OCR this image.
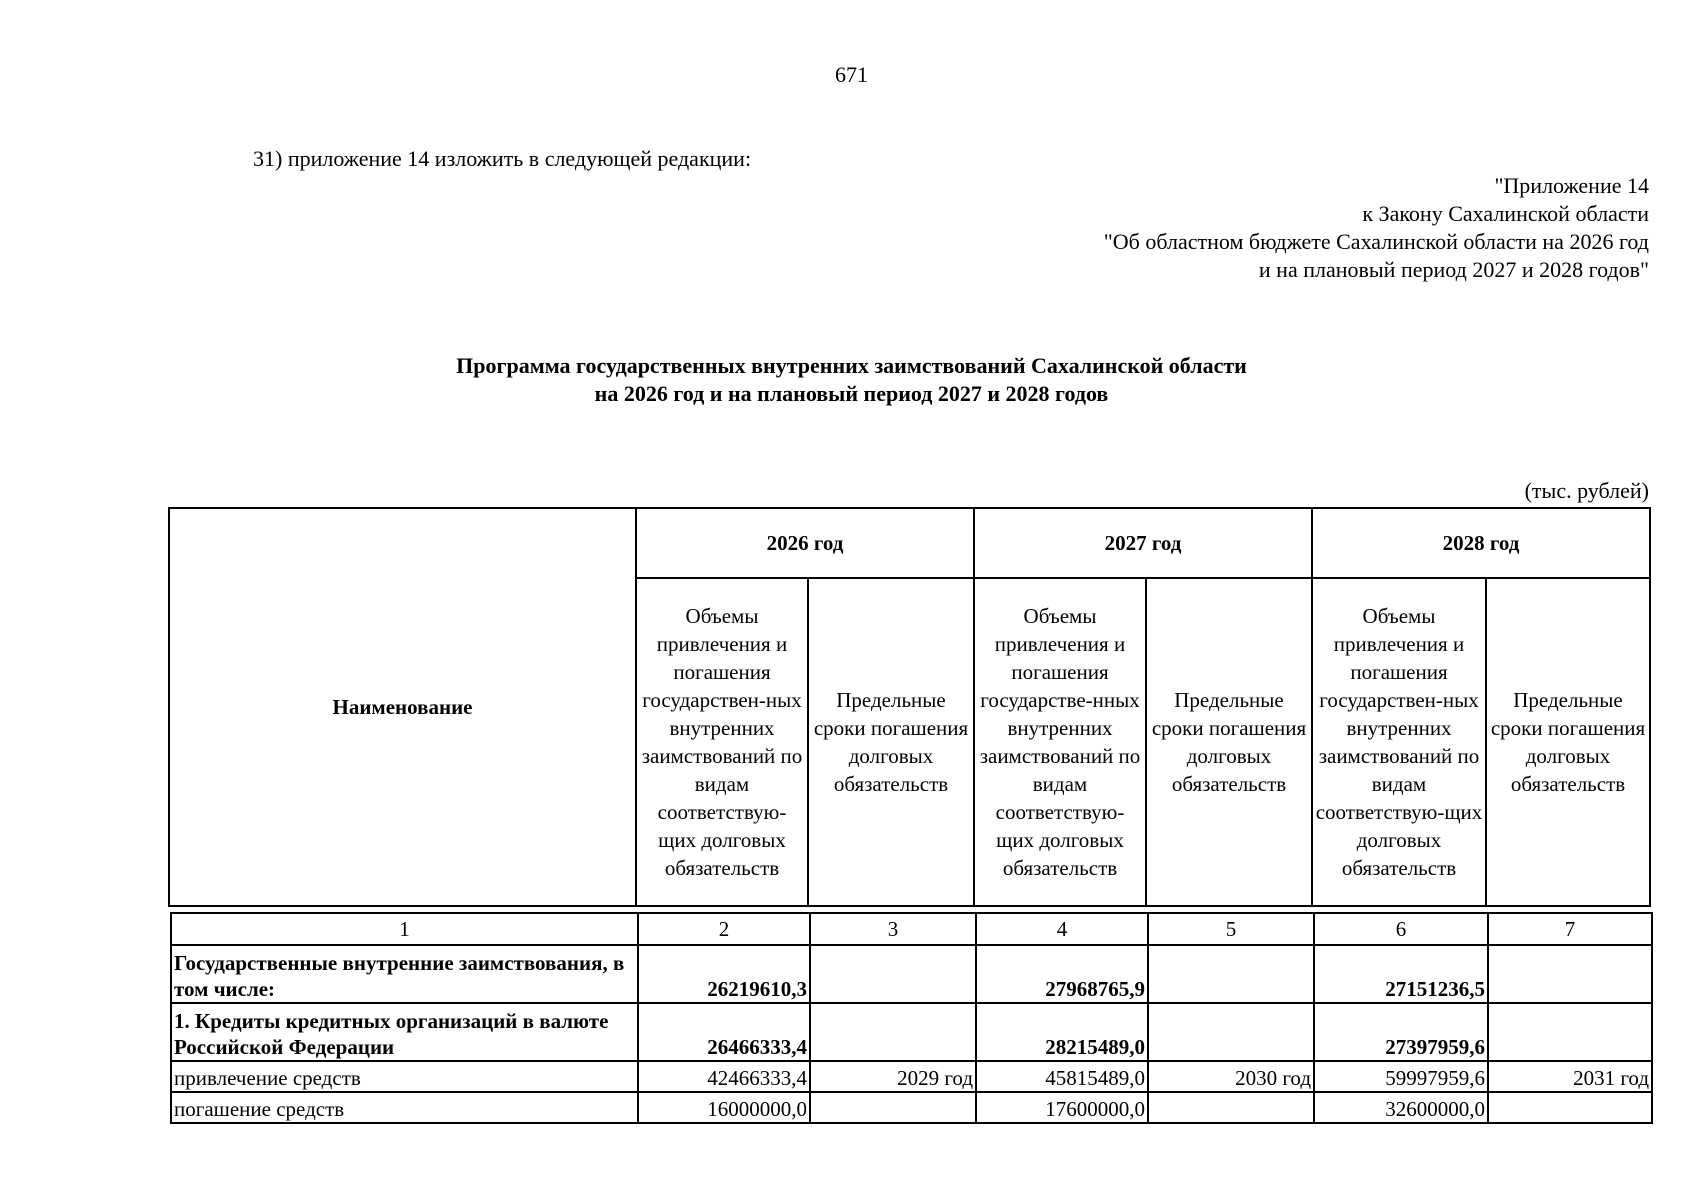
671
31) приложение 14 изложить в следующей редакции:
"Приложение 14
к Закону Сахалинской области
"Об областном бюджете Сахалинской области на 2026 год
и на плановый период 2027 и 2028 годов"
Программа государственных внутренних заимствований Сахалинской области
на 2026 год и на плановый период 2027 и 2028 годов
(тыс. рублей)
Наименование	2026 год		2027 год		2028 год	
	Объемы привлечения и погашения государствен-ных внутренних заимствований по видам соответствую-щих долговых обязательств	Предельные сроки погашения долговых обязательств	Объемы привлечения и погашения государстве-нных внутренних заимствований по видам соответствую-щих долговых обязательств	Предельные сроки погашения долговых обязательств	Объемы привлечения и погашения государствен-ных внутренних заимствований по видам соответствую-щих долговых обязательств	Предельные сроки погашения долговых обязательств
1	2	3	4	5	6	7
Государственные внутренние заимствования, в том числе:	26219610,3		27968765,9		27151236,5	
1. Кредиты кредитных организаций в валюте Российской Федерации	26466333,4		28215489,0		27397959,6	
привлечение средств	42466333,4	2029 год	45815489,0	2030 год	59997959,6	2031 год
погашение средств	16000000,0		17600000,0		32600000,0	
